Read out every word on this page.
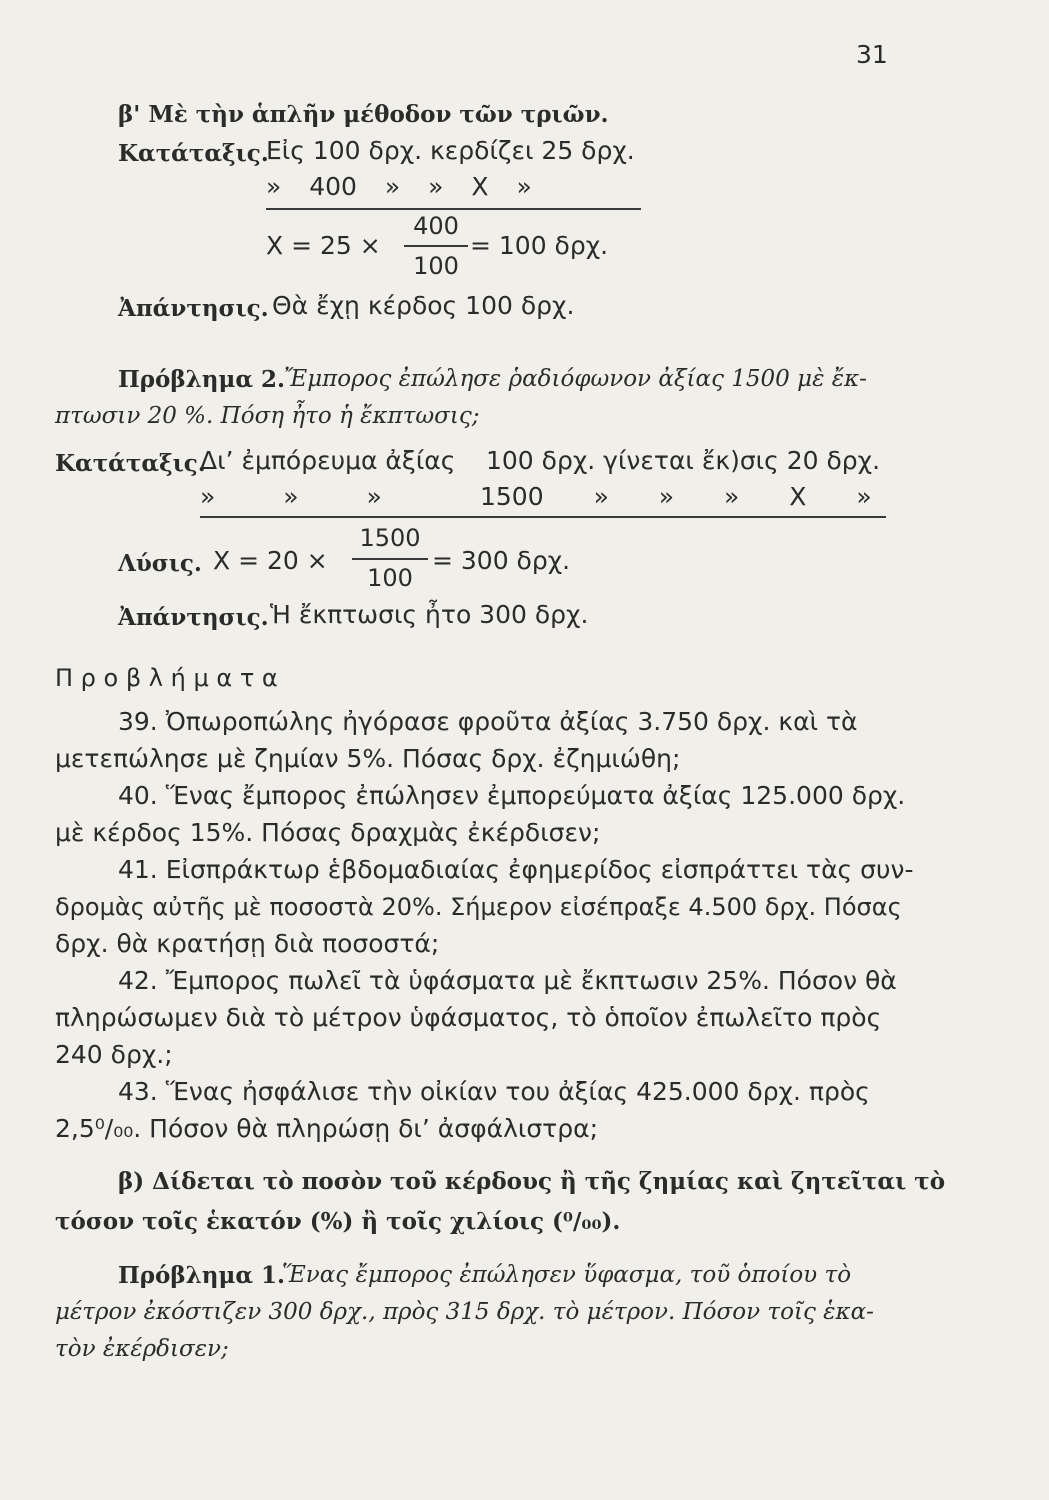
31
β' Μὲ τὴν ἁπλῆν μέθοδον τῶν τριῶν.
Κατάταξις.
Εἰς 100 δρχ. κερδίζει 25 δρχ.
» 400 » » Χ »
Χ = 25 ×
400
100
= 100 δρχ.
Ἀπάντησις. Θὰ ἔχῃ κέρδος 100 δρχ.
Πρόβλημα 2.
Ἔμπορος ἐπώλησε ῥαδιόφωνον ἀξίας 1500 μὲ ἔκ-
πτωσιν 20 %. Πόση ἦτο ἡ ἔκπτωσις;
Κατάταξις.
Δι’ ἐμπόρευμα ἀξίας 100 δρχ. γίνεται ἔκ)σις 20 δρχ.
» » »	1500 » » » Χ »
Λύσις. Χ = 20 ×
1500
100
= 300 δρχ.
Ἀπάντησις. Ἡ ἔκπτωσις ἦτο 300 δρχ.
Π ρ ο β λ ή μ α τ α
39. Ὀπωροπώλης ἠγόρασε φροῦτα ἀξίας 3.750 δρχ. καὶ τὰ
μετεπώλησε μὲ ζημίαν 5%. Πόσας δρχ. ἐζημιώθη;
40. Ἕνας ἔμπορος ἐπώλησεν ἐμπορεύματα ἀξίας 125.000 δρχ.
μὲ κέρδος 15%. Πόσας δραχμὰς ἐκέρδισεν;
41. Εἰσπράκτωρ ἑβδομαδιαίας ἐφημερίδος εἰσπράττει τὰς συν-
δρομὰς αὐτῆς μὲ ποσοστὰ 20%. Σήμερον εἰσέπραξε 4.500 δρχ. Πόσας
δρχ. θὰ κρατήσῃ διὰ ποσοστά;
42. Ἔμπορος πωλεῖ τὰ ὑφάσματα μὲ ἔκπτωσιν 25%. Πόσον θὰ
πληρώσωμεν διὰ τὸ μέτρον ὑφάσματος, τὸ ὁποῖον ἐπωλεῖτο πρὸς
240 δρχ.;
43. Ἕνας ἠσφάλισε τὴν οἰκίαν του ἀξίας 425.000 δρχ. πρὸς
2,5⁰/₀₀. Πόσον θὰ πληρώσῃ δι’ ἀσφάλιστρα;
β) Δίδεται τὸ ποσὸν τοῦ κέρδους ἢ τῆς ζημίας καὶ ζητεῖται τὸ
τόσον τοῖς ἑκατόν (%) ἢ τοῖς χιλίοις (⁰/₀₀).
Πρόβλημα 1.
Ἕνας ἔμπορος ἐπώλησεν ὕφασμα, τοῦ ὁποίου τὸ
μέτρον ἐκόστιζεν 300 δρχ., πρὸς 315 δρχ. τὸ μέτρον. Πόσον τοῖς ἑκα-
τὸν ἐκέρδισεν;
